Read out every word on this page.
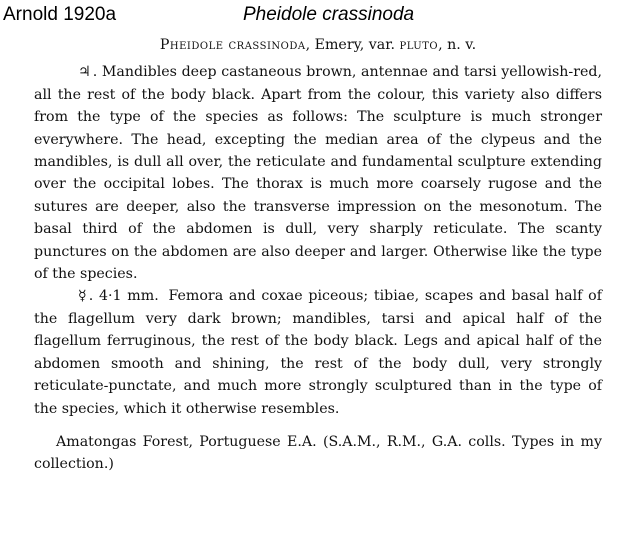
Arnold 1920a	Pheidole crassinoda
Pheidole crassinoda, Emery, var. pluto, n. v.

♃ . Mandibles deep castaneous brown, antennae and tarsi yellowish-red, all the rest of the body black. Apart from the colour, this variety also differs from the type of the species as follows: The sculpture is much stronger everywhere. The head, excepting the median area of the clypeus and the mandibles, is dull all over, the reticulate and fundamental sculpture extending over the occipital lobes. The thorax is much more coarsely rugose and the sutures are deeper, also the transverse impression on the mesonotum. The basal third of the abdomen is dull, very sharply reticulate. The scanty punctures on the abdomen are also deeper and larger. Otherwise like the type of the species.

☿ . 4·1 mm. Femora and coxae piceous; tibiae, scapes and basal half of the flagellum very dark brown; mandibles, tarsi and apical half of the flagellum ferruginous, the rest of the body black. Legs and apical half of the abdomen smooth and shining, the rest of the body dull, very strongly reticulate-punctate, and much more strongly sculptured than in the type of the species, which it otherwise resembles.

Amatongas Forest, Portuguese E.A. (S.A.M., R.M., G.A. colls. Types in my collection.)
